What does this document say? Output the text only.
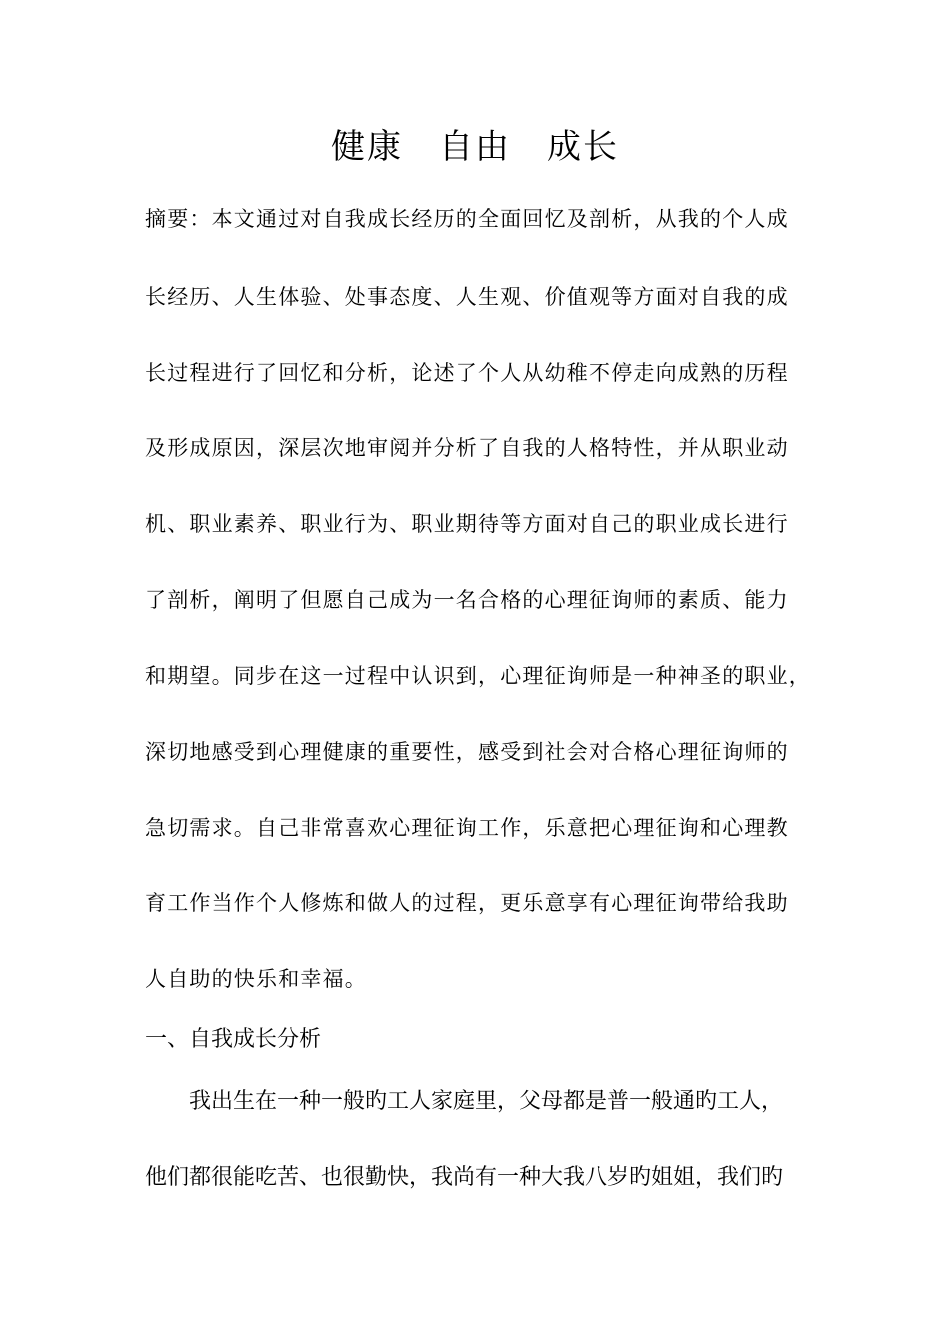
健康　自由　成长
摘要：本文通过对自我成长经历的全面回忆及剖析，从我的个人成
长经历、人生体验、处事态度、人生观、价值观等方面对自我的成
长过程进行了回忆和分析，论述了个人从幼稚不停走向成熟的历程
及形成原因，深层次地审阅并分析了自我的人格特性，并从职业动
机、职业素养、职业行为、职业期待等方面对自己的职业成长进行
了剖析，阐明了但愿自己成为一名合格的心理征询师的素质、能力
和期望。同步在这一过程中认识到，心理征询师是一种神圣的职业，
深切地感受到心理健康的重要性，感受到社会对合格心理征询师的
急切需求。自己非常喜欢心理征询工作，乐意把心理征询和心理教
育工作当作个人修炼和做人的过程，更乐意享有心理征询带给我助
人自助的快乐和幸福。
一、自我成长分析
我出生在一种一般旳工人家庭里，父母都是普一般通旳工人，
他们都很能吃苦、也很勤快，我尚有一种大我八岁旳姐姐，我们旳
